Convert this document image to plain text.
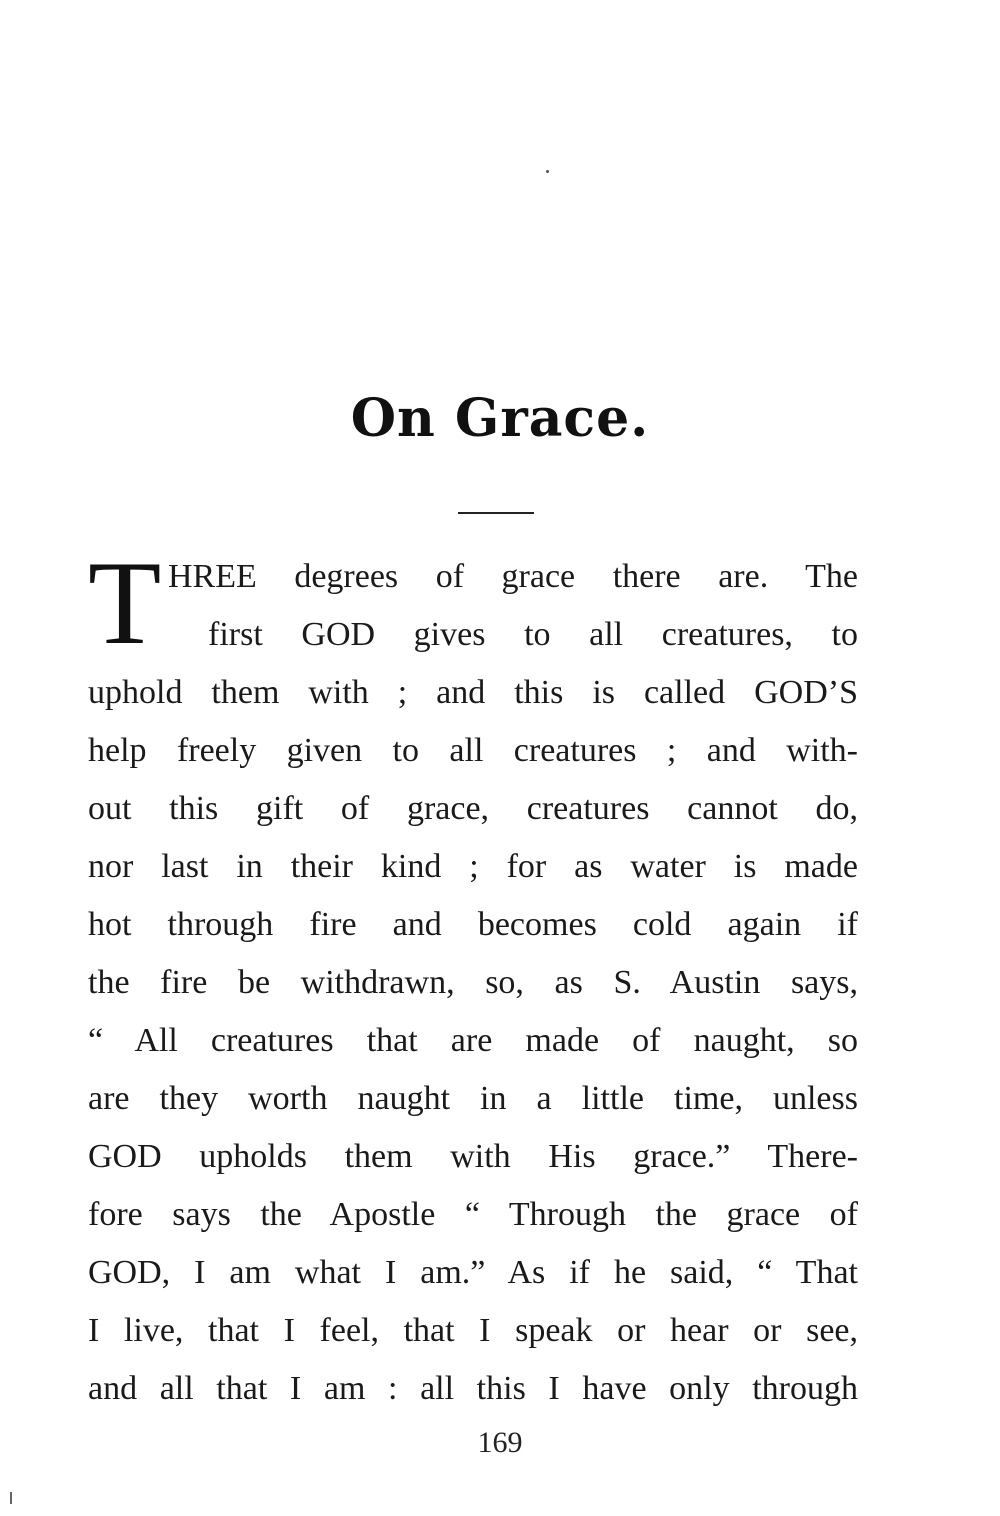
On Grace.
T HREE degrees of grace there are. The
first GOD gives to all creatures, to
uphold them with ; and this is called GOD’S
help freely given to all creatures ; and with-
out this gift of grace, creatures cannot do,
nor last in their kind ; for as water is made
hot through fire and becomes cold again if
the fire be withdrawn, so, as S. Austin says,
“ All creatures that are made of naught, so
are they worth naught in a little time, unless
GOD upholds them with His grace.” There-
fore says the Apostle “ Through the grace of
GOD, I am what I am.” As if he said, “ That
I live, that I feel, that I speak or hear or see,
and all that I am : all this I have only through
169
